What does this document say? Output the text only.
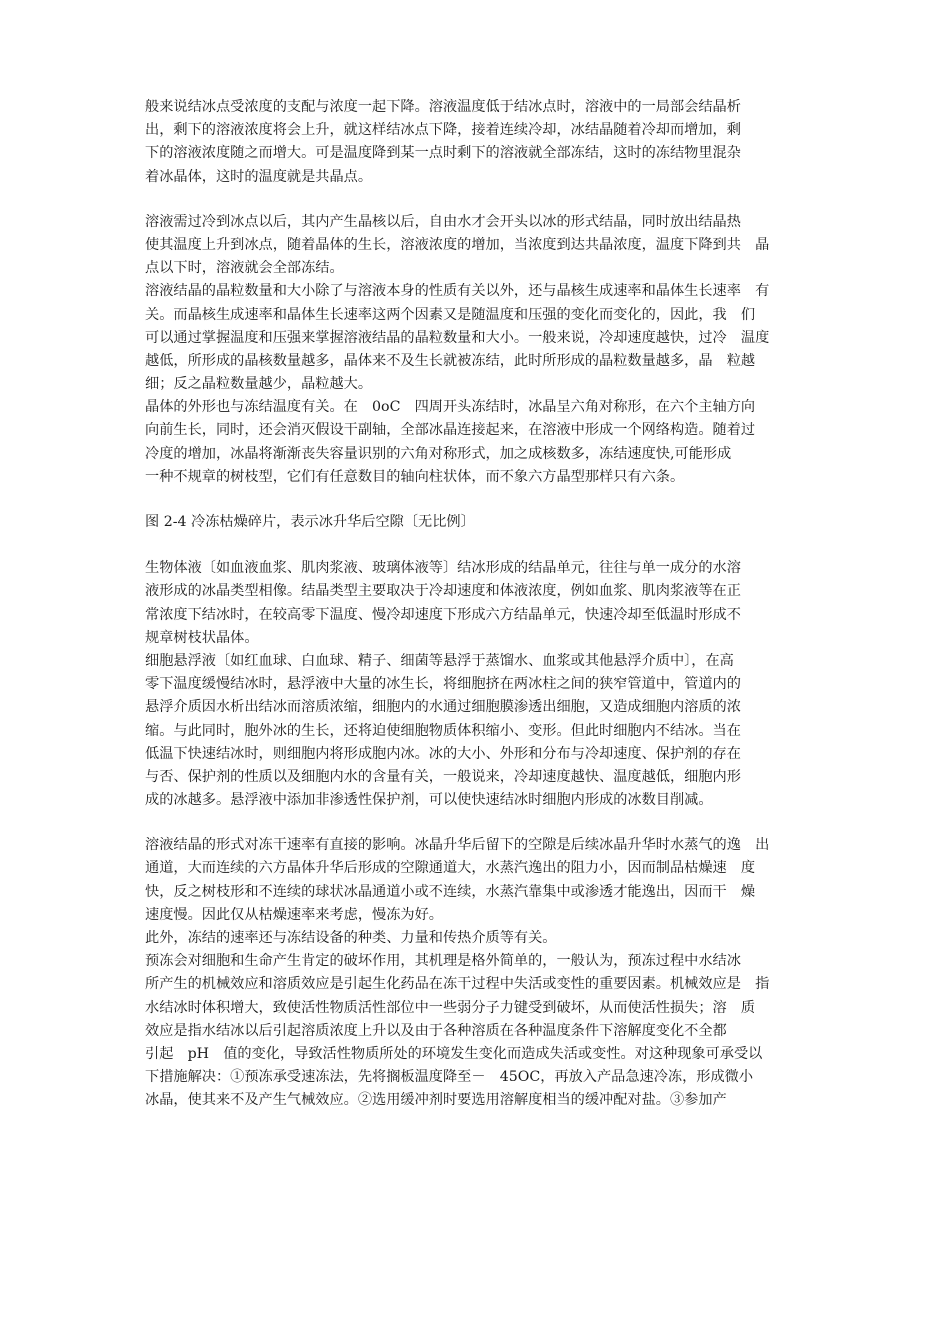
般来说结冰点受浓度的支配与浓度一起下降。溶液温度低于结冰点时，溶液中的一局部会结晶析
出，剩下的溶液浓度将会上升，就这样结冰点下降，接着连续冷却，冰结晶随着冷却而增加，剩
下的溶液浓度随之而增大。可是温度降到某一点时剩下的溶液就全部冻结，这时的冻结物里混杂
着冰晶体，这时的温度就是共晶点。
溶液需过冷到冰点以后，其内产生晶核以后，自由水才会开头以冰的形式结晶，同时放出结晶热
使其温度上升到冰点，随着晶体的生长，溶液浓度的增加，当浓度到达共晶浓度，温度下降到共　晶
点以下时，溶液就会全部冻结。
溶液结晶的晶粒数量和大小除了与溶液本身的性质有关以外，还与晶核生成速率和晶体生长速率　有
关。而晶核生成速率和晶体生长速率这两个因素又是随温度和压强的变化而变化的，因此，我　们
可以通过掌握温度和压强来掌握溶液结晶的晶粒数量和大小。一般来说，冷却速度越快，过冷　温度
越低，所形成的晶核数量越多，晶体来不及生长就被冻结，此时所形成的晶粒数量越多，晶　粒越
细；反之晶粒数量越少，晶粒越大。
晶体的外形也与冻结温度有关。在　0oC　四周开头冻结时，冰晶呈六角对称形，在六个主轴方向
向前生长，同时，还会消灭假设干副轴，全部冰晶连接起来，在溶液中形成一个网络构造。随着过
冷度的增加，冰晶将渐渐丧失容量识别的六角对称形式，加之成核数多，冻结速度快,可能形成
一种不规章的树枝型，它们有任意数目的轴向柱状体，而不象六方晶型那样只有六条。
图 2-4 冷冻枯燥碎片，表示冰升华后空隙〔无比例〕
生物体液〔如血液血浆、肌肉浆液、玻璃体液等〕结冰形成的结晶单元，往往与单一成分的水溶
液形成的冰晶类型相像。结晶类型主要取决于冷却速度和体液浓度，例如血浆、肌肉浆液等在正
常浓度下结冰时，在较高零下温度、慢冷却速度下形成六方结晶单元，快速冷却至低温时形成不
规章树枝状晶体。
细胞悬浮液〔如红血球、白血球、精子、细菌等悬浮于蒸馏水、血浆或其他悬浮介质中〕，在高
零下温度缓慢结冰时，悬浮液中大量的冰生长，将细胞挤在两冰柱之间的狭窄管道中，管道内的
悬浮介质因水析出结冰而溶质浓缩，细胞内的水通过细胞膜渗透出细胞，又造成细胞内溶质的浓
缩。与此同时，胞外冰的生长，还将迫使细胞物质体积缩小、变形。但此时细胞内不结冰。当在
低温下快速结冰时，则细胞内将形成胞内冰。冰的大小、外形和分布与冷却速度、保护剂的存在
与否、保护剂的性质以及细胞内水的含量有关，一般说来，冷却速度越快、温度越低，细胞内形
成的冰越多。悬浮液中添加非渗透性保护剂，可以使快速结冰时细胞内形成的冰数目削减。
溶液结晶的形式对冻干速率有直接的影响。冰晶升华后留下的空隙是后续冰晶升华时水蒸气的逸　出
通道，大而连续的六方晶体升华后形成的空隙通道大，水蒸汽逸出的阻力小，因而制品枯燥速　度
快，反之树枝形和不连续的球状冰晶通道小或不连续，水蒸汽靠集中或渗透才能逸出，因而干　燥
速度慢。因此仅从枯燥速率来考虑，慢冻为好。
此外，冻结的速率还与冻结设备的种类、力量和传热介质等有关。
预冻会对细胞和生命产生肯定的破坏作用，其机理是格外简单的，一般认为，预冻过程中水结冰
所产生的机械效应和溶质效应是引起生化药品在冻干过程中失活或变性的重要因素。机械效应是　指
水结冰时体积增大，致使活性物质活性部位中一些弱分子力键受到破坏，从而使活性损失；溶　质
效应是指水结冰以后引起溶质浓度上升以及由于各种溶质在各种温度条件下溶解度变化不全都
引起　pH　值的变化，导致活性物质所处的环境发生变化而造成失活或变性。对这种现象可承受以
下措施解决：①预冻承受速冻法，先将搁板温度降至－　45OC，再放入产品急速冷冻，形成微小
冰晶，使其来不及产生气械效应。②选用缓冲剂时要选用溶解度相当的缓冲配对盐。③参加产
